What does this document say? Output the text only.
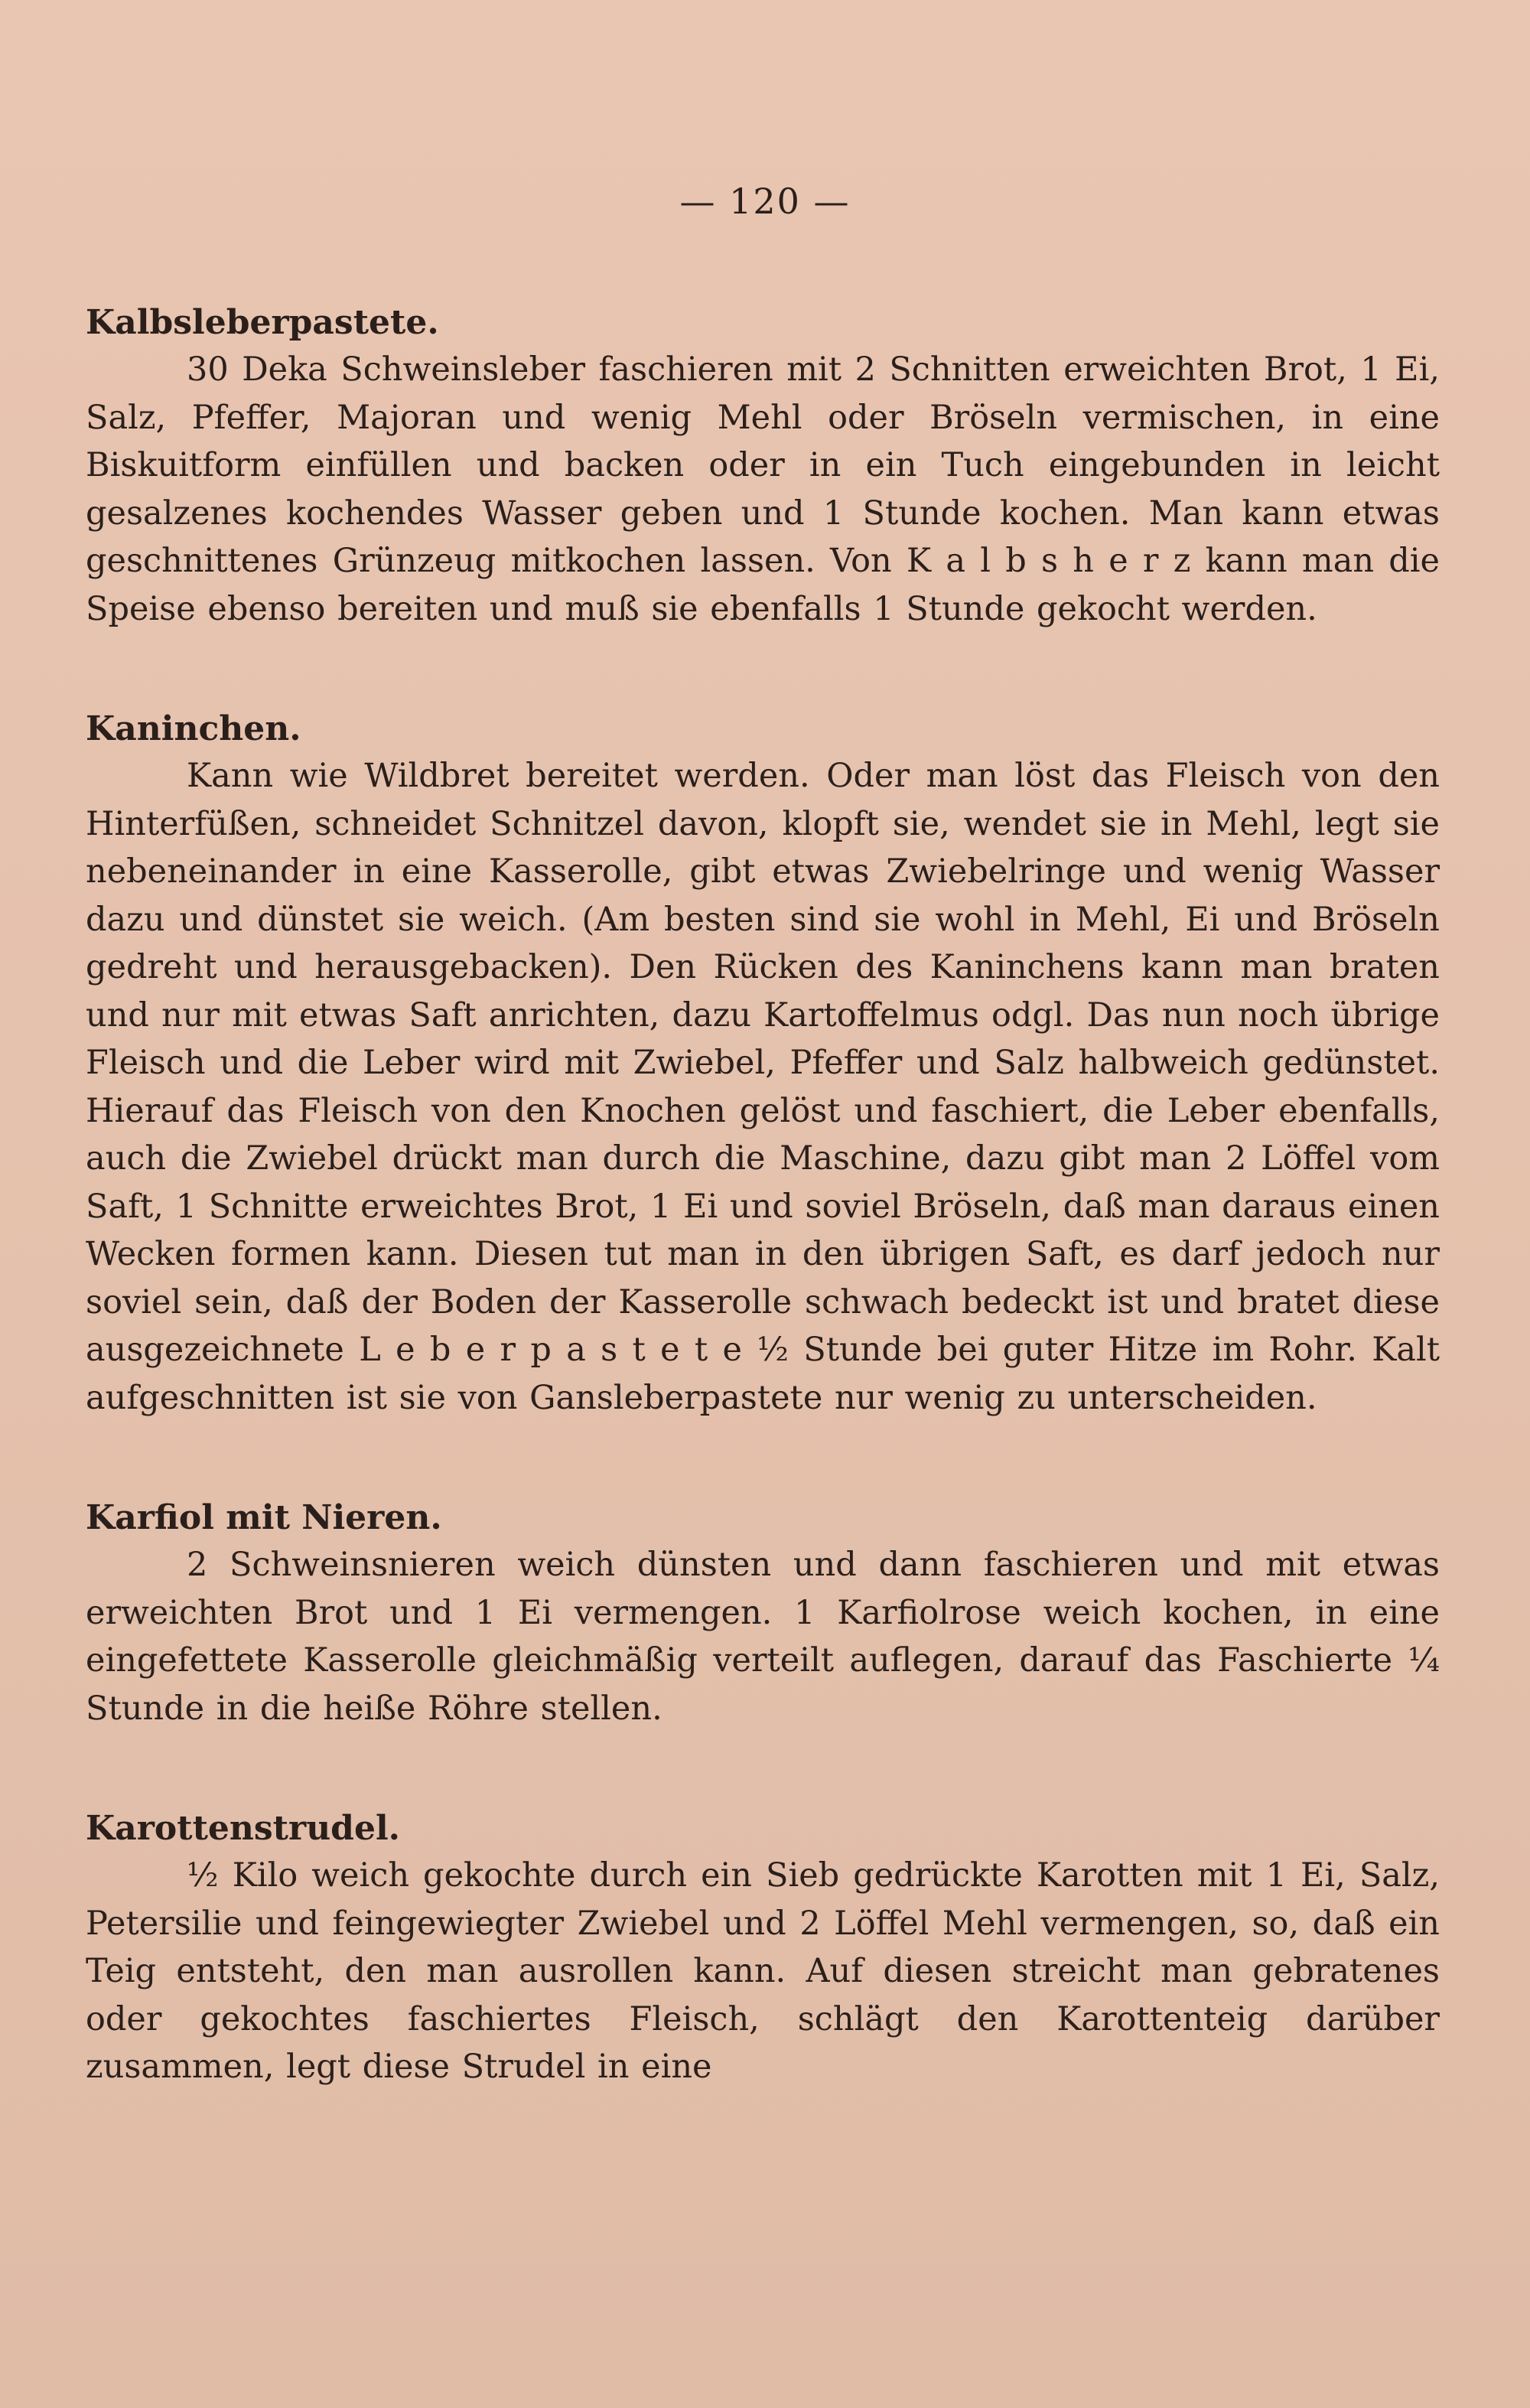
— 120 —

Kalbsleberpastete.

30 Deka Schweinsleber faschieren mit 2 Schnitten erweichten Brot, 1 Ei, Salz, Pfeffer, Majoran und wenig Mehl oder Bröseln vermischen, in eine Biskuitform einfüllen und backen oder in ein Tuch eingebunden in leicht gesalzenes kochendes Wasser geben und 1 Stunde kochen. Man kann etwas geschnittenes Grünzeug mitkochen lassen. Von K a l b s h e r z kann man die Speise ebenso bereiten und muß sie ebenfalls 1 Stunde gekocht werden.

Kaninchen.

Kann wie Wildbret bereitet werden. Oder man löst das Fleisch von den Hinterfüßen, schneidet Schnitzel davon, klopft sie, wendet sie in Mehl, legt sie nebeneinander in eine Kasserolle, gibt etwas Zwiebelringe und wenig Wasser dazu und dünstet sie weich. (Am besten sind sie wohl in Mehl, Ei und Bröseln gedreht und herausgebacken). Den Rücken des Kaninchens kann man braten und nur mit etwas Saft anrichten, dazu Kartoffelmus odgl. Das nun noch übrige Fleisch und die Leber wird mit Zwiebel, Pfeffer und Salz halbweich gedünstet. Hierauf das Fleisch von den Knochen gelöst und faschiert, die Leber ebenfalls, auch die Zwiebel drückt man durch die Maschine, dazu gibt man 2 Löffel vom Saft, 1 Schnitte erweichtes Brot, 1 Ei und soviel Bröseln, daß man daraus einen Wecken formen kann. Diesen tut man in den übrigen Saft, es darf jedoch nur soviel sein, daß der Boden der Kasserolle schwach bedeckt ist und bratet diese ausgezeichnete L e b e r p a s t e t e ½ Stunde bei guter Hitze im Rohr. Kalt aufgeschnitten ist sie von Gansleberpastete nur wenig zu unterscheiden.

Karfiol mit Nieren.

2 Schweinsnieren weich dünsten und dann faschieren und mit etwas erweichten Brot und 1 Ei vermengen. 1 Karfiolrose weich kochen, in eine eingefettete Kasserolle gleichmäßig verteilt auflegen, darauf das Faschierte ¼ Stunde in die heiße Röhre stellen.

Karottenstrudel.

½ Kilo weich gekochte durch ein Sieb gedrückte Karotten mit 1 Ei, Salz, Petersilie und feingewiegter Zwiebel und 2 Löffel Mehl vermengen, so, daß ein Teig entsteht, den man ausrollen kann. Auf diesen streicht man gebratenes oder gekochtes faschiertes Fleisch, schlägt den Karottenteig darüber zusammen, legt diese Strudel in eine
